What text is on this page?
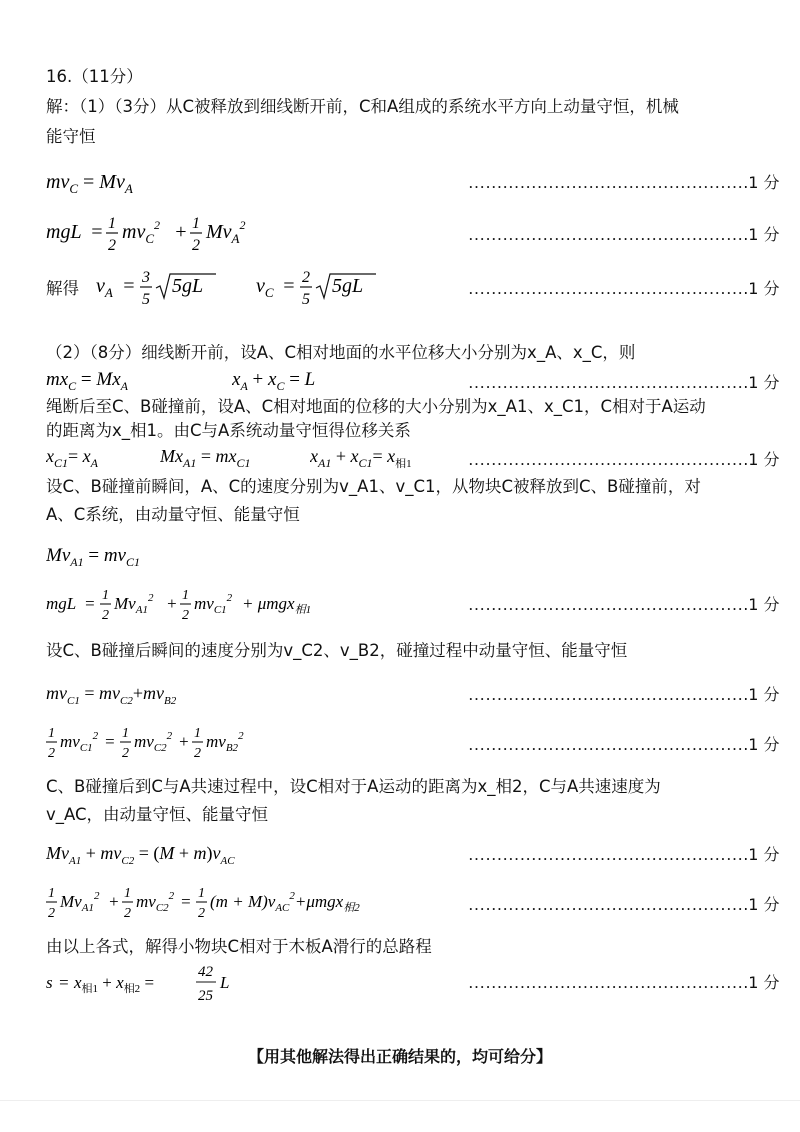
16.（11分）
解：（1）（3分）从C被释放到细线断开前，C和A组成的系统水平方向上动量守恒，机械
能守恒
$mv_C = Mv_A$
mgL = 1
2
$mv_C^2 + 1$
2
$Mv_A^2$
解得 $v_A = 3$
5
5gL	$v_C = 2$
5
5gL
（2）（8分）细线断开前，设A、C相对地面的水平位移大小分别为x_A、x_C，则
$mx_C = Mx_A$	$x_A + x_C = L$
绳断后至C、B碰撞前，设A、C相对地面的位移的大小分别为x_A1、x_C1，C相对于A运动
的距离为x_相1。由C与A系统动量守恒得位移关系
$x_{C1}= x_A$	$Mx_{A1} = mx_{C1}$	$x_{A1} + x_{C1}= x_{相1}$
设C、B碰撞前瞬间，A、C的速度分别为v_A1、v_C1，从物块C被释放到C、B碰撞前，对
A、C系统，由动量守恒、能量守恒
$Mv_{A1} = mv_{C1}$
mgL = 1
2
$Mv_{A1}^2 + 1$
2
$mv_{C1}^2 + \mu mgx_{相1}$
设C、B碰撞后瞬间的速度分别为v_C2、v_B2，碰撞过程中动量守恒、能量守恒
$mv_{C1} = mv_{C2}+mv_{B2}$
1
2
$mv_{C1}^2 = 1$
2
$mv_{C2}^2 + 1$
2
$mv_{B2}^2$
C、B碰撞后到C与A共速过程中，设C相对于A运动的距离为x_相2，C与A共速速度为
v_AC，由动量守恒、能量守恒
$Mv_{A1} + mv_{C2} = (M + m)v_{AC}$
1
2
$Mv_{A1}^2 + 1$
2
$mv_{C2}^2 = 1$
2
$(m + M)v_{AC}^2+\mu mgx_{相2}$
由以上各式，解得小物块C相对于木板A滑行的总路程
$s = x_{相1} + x_{相2}$ =
42
25
L
………………………………………….1 分
………………………………………….1 分
………………………………………….1 分
………………………………………….1 分
………………………………………….1 分
………………………………………….1 分
………………………………………….1 分
………………………………………….1 分
………………………………………….1 分
………………………………………….1 分
………………………………………….1 分
【用其他解法得出正确结果的，均可给分】
